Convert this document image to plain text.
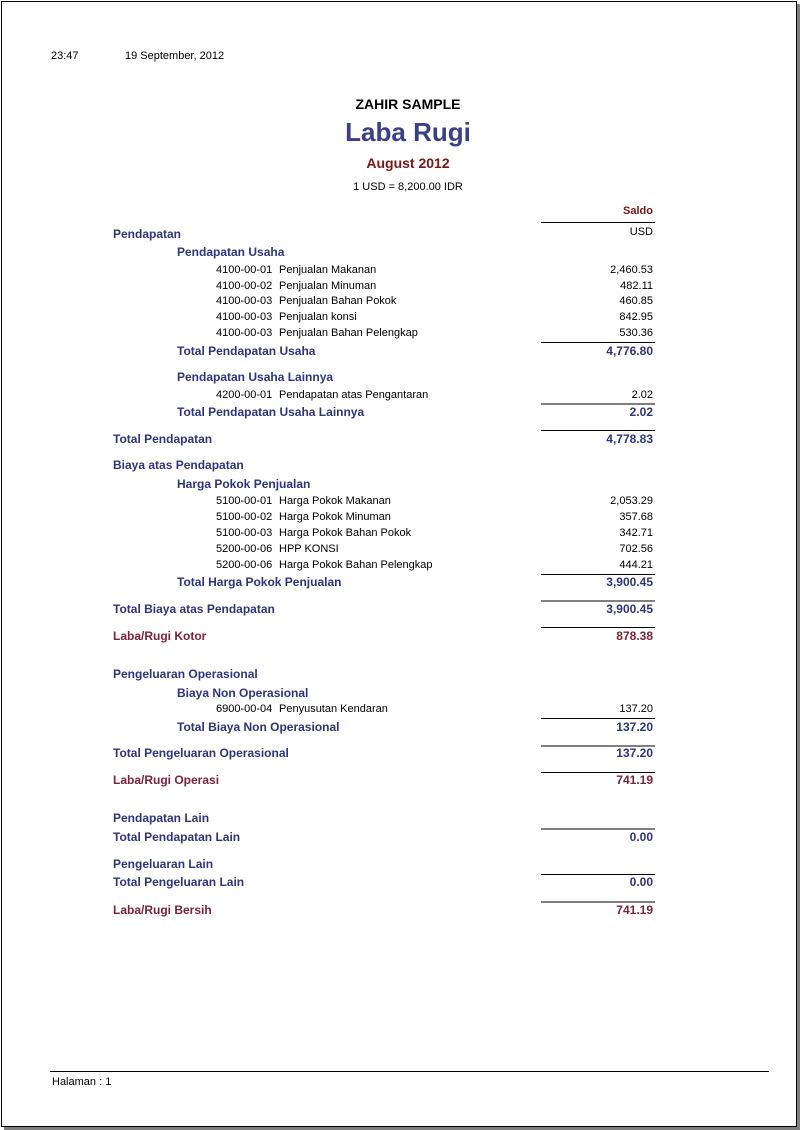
23:47	19 September, 2012
ZAHIR SAMPLE
Laba Rugi
August 2012
1 USD = 8,200.00 IDR
Saldo
USD
Pendapatan
Pendapatan Usaha
4100-00-01 Penjualan Makanan	2,460.53
4100-00-02 Penjualan Minuman	482.11
4100-00-03 Penjualan Bahan Pokok	460.85
4100-00-03 Penjualan konsi	842.95
4100-00-03 Penjualan Bahan Pelengkap	530.36
Total Pendapatan Usaha	4,776.80
Pendapatan Usaha Lainnya
4200-00-01 Pendapatan atas Pengantaran	2.02
Total Pendapatan Usaha Lainnya	2.02
Total Pendapatan	4,778.83
Biaya atas Pendapatan
Harga Pokok Penjualan
5100-00-01 Harga Pokok Makanan	2,053.29
5100-00-02 Harga Pokok Minuman	357.68
5100-00-03 Harga Pokok Bahan Pokok	342.71
5200-00-06 HPP KONSI	702.56
5200-00-06 Harga Pokok Bahan Pelengkap	444.21
Total Harga Pokok Penjualan	3,900.45
Total Biaya atas Pendapatan	3,900.45
Laba/Rugi Kotor	878.38
Pengeluaran Operasional
Biaya Non Operasional
6900-00-04 Penyusutan Kendaran	137.20
Total Biaya Non Operasional	137.20
Total Pengeluaran Operasional	137.20
Laba/Rugi Operasi	741.19
Pendapatan Lain
Total Pendapatan Lain	0.00
Pengeluaran Lain
Total Pengeluaran Lain	0.00
Laba/Rugi Bersih	741.19
Halaman : 1
